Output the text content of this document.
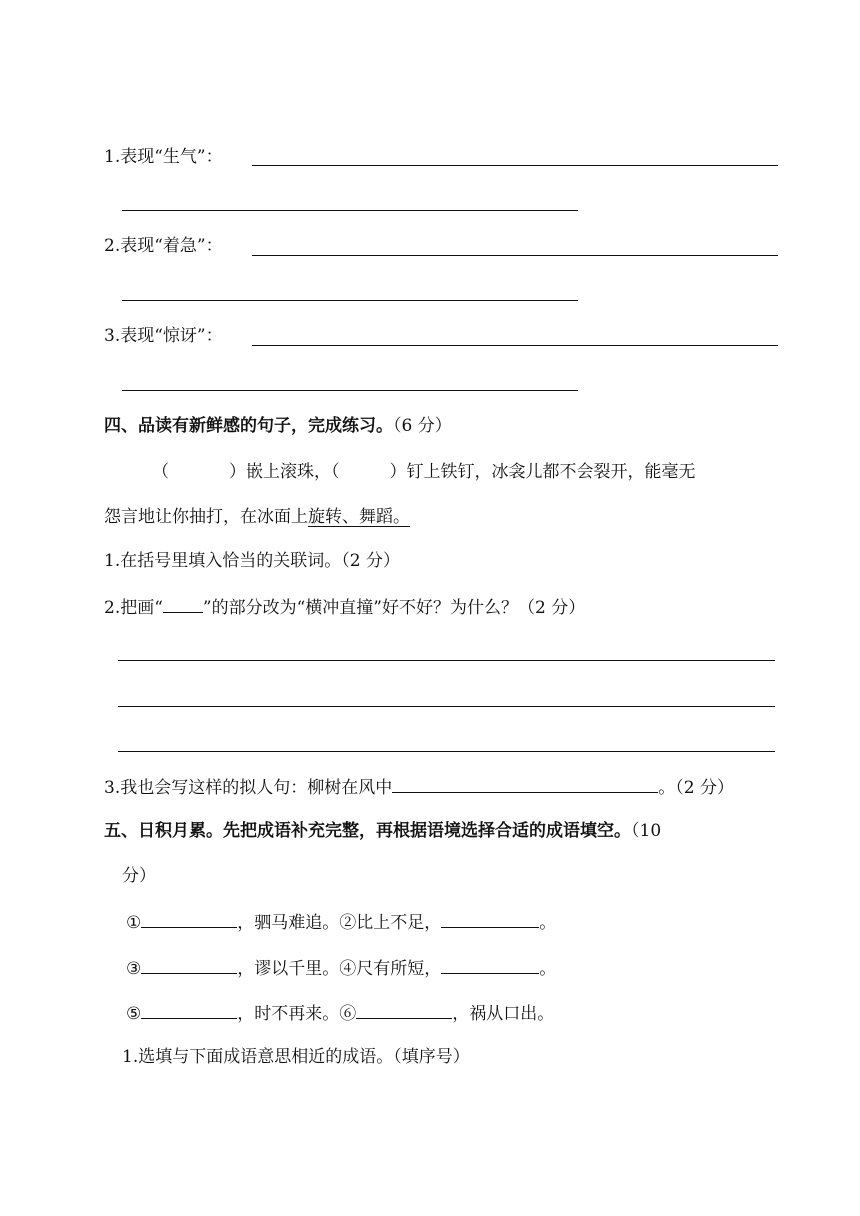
1.表现“生气”：
2.表现“着急”：
3.表现“惊讶”：
四、品读有新鲜感的句子，完成练习。（6 分）
（	）嵌上滚珠，（	）钉上铁钉，冰衾儿都不会裂开，能毫无
怨言地让你抽打，在冰面上旋转、舞蹈。
1.在括号里填入恰当的关联词。（2 分）
2.把画“ ”的部分改为“横冲直撞”好不好？为什么？（2 分）
3.我也会写这样的拟人句：柳树在风中	。（2 分）
五、日积月累。先把成语补充完整，再根据语境选择合适的成语填空。（10
分）
①	，驷马难追。②比上不足，	。
③	，谬以千里。④尺有所短，	。
⑤	，时不再来。⑥	，祸从口出。
1.选填与下面成语意思相近的成语。（填序号）
